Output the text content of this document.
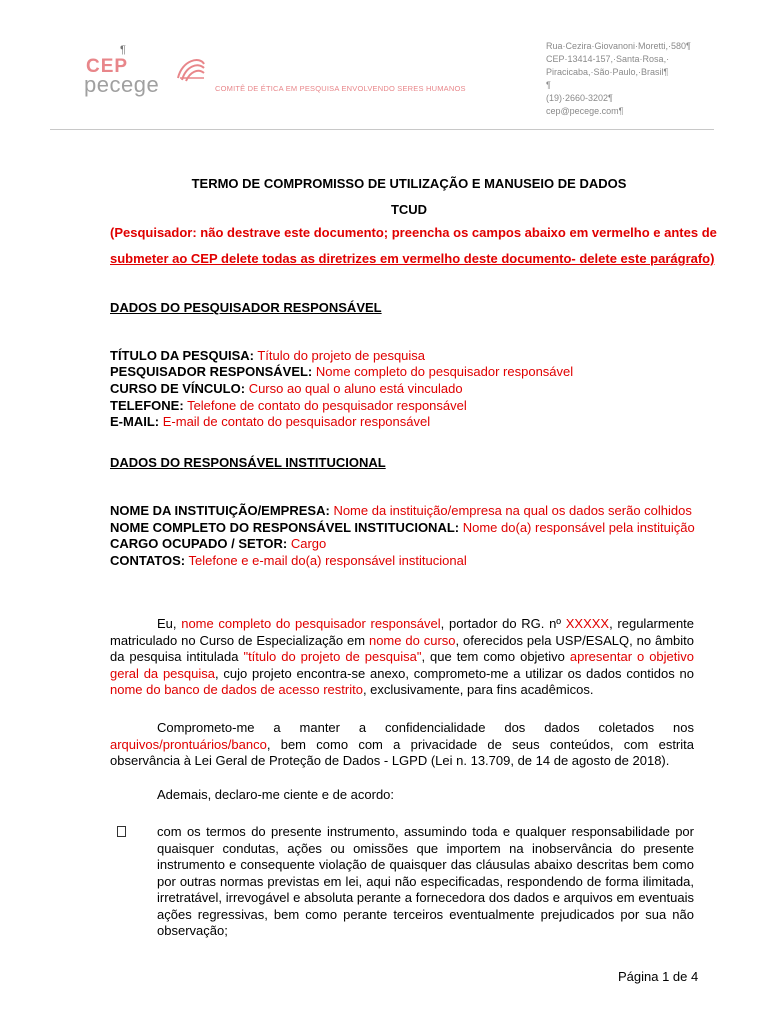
¶
CEP
pecege	COMITÊ DE ÉTICA EM PESQUISA ENVOLVENDO SERES HUMANOS
Rua·Cezira·Giovanoni·Moretti,·580¶
CEP·13414-157,·Santa·Rosa,·
Piracicaba,·São·Paulo,·Brasil¶
¶
(19)·2660-3202¶
cep@pecege.com¶
TERMO DE COMPROMISSO DE UTILIZAÇÃO E MANUSEIO DE DADOS
TCUD
(Pesquisador: não destrave este documento; preencha os campos abaixo em vermelho e antes de
submeter ao CEP delete todas as diretrizes em vermelho deste documento- delete este parágrafo)
DADOS DO PESQUISADOR RESPONSÁVEL
TÍTULO DA PESQUISA: Título do projeto de pesquisa
PESQUISADOR RESPONSÁVEL: Nome completo do pesquisador responsável
CURSO DE VÍNCULO: Curso ao qual o aluno está vinculado
TELEFONE: Telefone de contato do pesquisador responsável
E-MAIL: E-mail de contato do pesquisador responsável
DADOS DO RESPONSÁVEL INSTITUCIONAL
NOME DA INSTITUIÇÃO/EMPRESA: Nome da instituição/empresa na qual os dados serão colhidos
NOME COMPLETO DO RESPONSÁVEL INSTITUCIONAL: Nome do(a) responsável pela instituição
CARGO OCUPADO / SETOR: Cargo
CONTATOS: Telefone e e-mail do(a) responsável institucional
Eu, nome completo do pesquisador responsável, portador do RG. nº XXXXX, regularmente matriculado no Curso de Especialização em nome do curso, oferecidos pela USP/ESALQ, no âmbito da pesquisa intitulada "título do projeto de pesquisa", que tem como objetivo apresentar o objetivo geral da pesquisa, cujo projeto encontra-se anexo, comprometo-me a utilizar os dados contidos no nome do banco de dados de acesso restrito, exclusivamente, para fins acadêmicos.
Comprometo-me a manter a confidencialidade dos dados coletados nos arquivos/prontuários/banco, bem como com a privacidade de seus conteúdos, com estrita observância à Lei Geral de Proteção de Dados - LGPD (Lei n. 13.709, de 14 de agosto de 2018).
Ademais, declaro-me ciente e de acordo:
com os termos do presente instrumento, assumindo toda e qualquer responsabilidade por quaisquer condutas, ações ou omissões que importem na inobservância do presente instrumento e consequente violação de quaisquer das cláusulas abaixo descritas bem como por outras normas previstas em lei, aqui não especificadas, respondendo de forma ilimitada, irretratável, irrevogável e absoluta perante a fornecedora dos dados e arquivos em eventuais ações regressivas, bem como perante terceiros eventualmente prejudicados por sua não observação;
Página 1 de 4
